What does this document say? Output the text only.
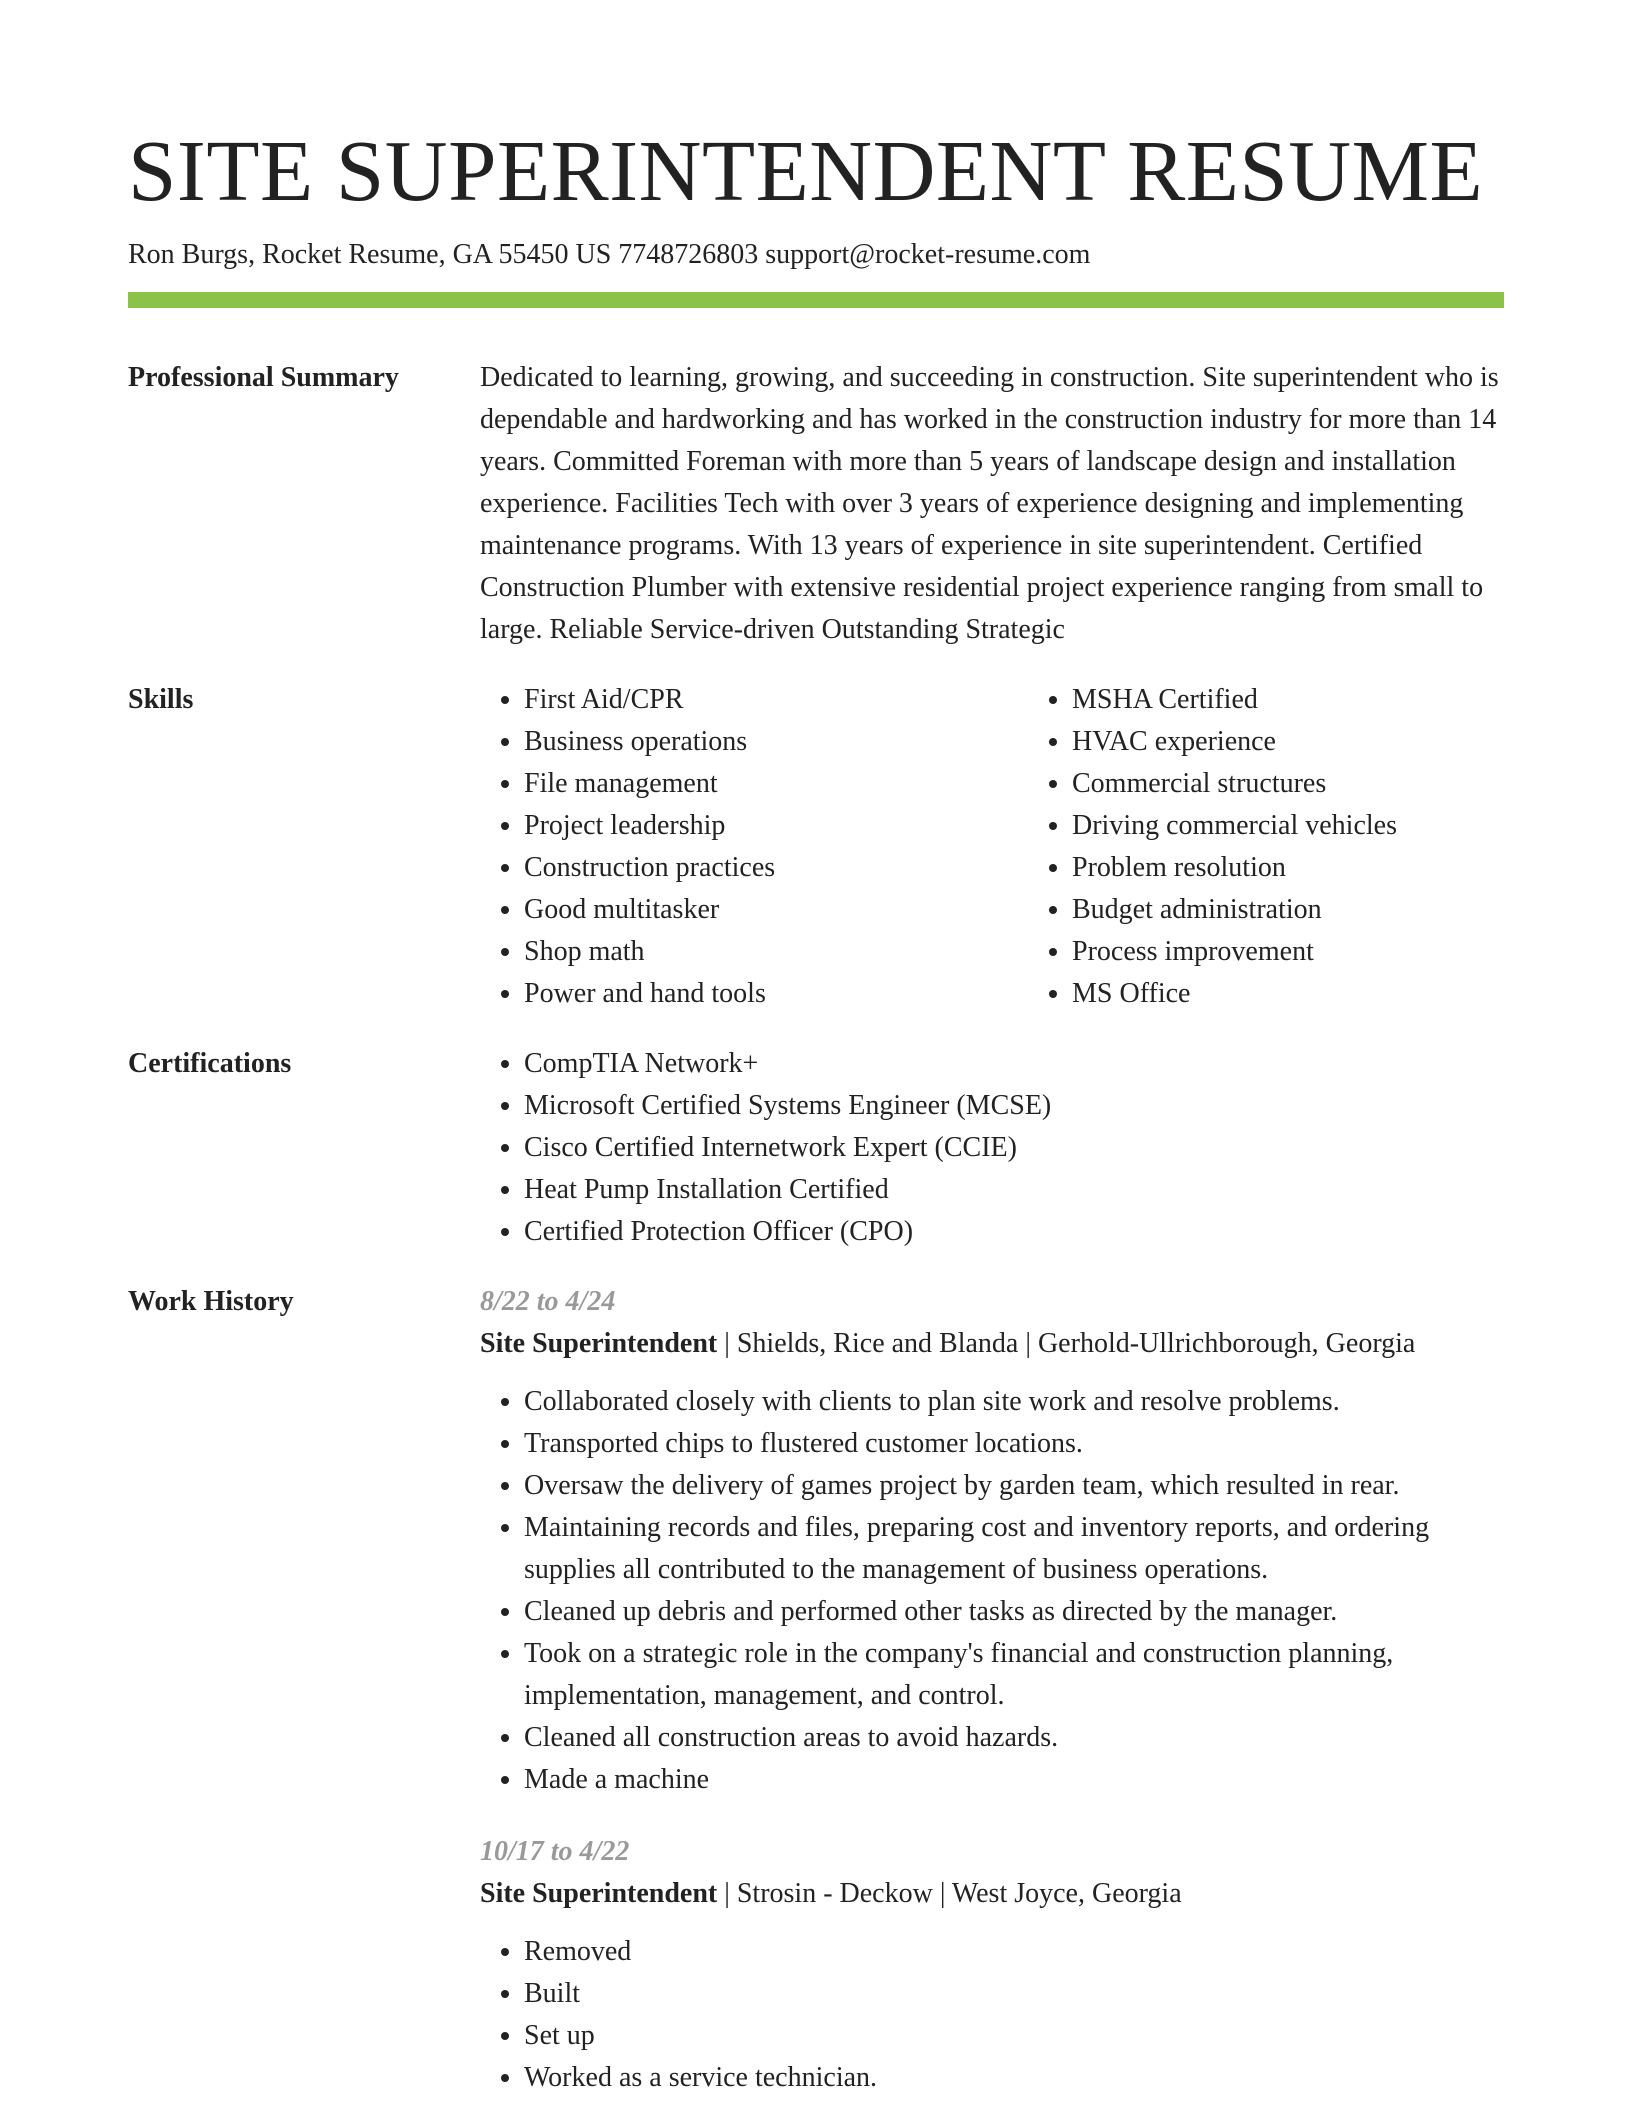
SITE SUPERINTENDENT RESUME
Ron Burgs, Rocket Resume, GA 55450 US 7748726803 support@rocket-resume.com
Professional Summary	Dedicated to learning, growing, and succeeding in construction. Site superintendent who is dependable and hardworking and has worked in the construction industry for more than 14 years. Committed Foreman with more than 5 years of landscape design and installation experience. Facilities Tech with over 3 years of experience designing and implementing maintenance programs. With 13 years of experience in site superintendent. Certified Construction Plumber with extensive residential project experience ranging from small to large. Reliable Service-driven Outstanding Strategic

Skills	• First Aid/CPR
• Business operations
• File management
• Project leadership
• Construction practices
• Good multitasker
• Shop math
• Power and hand tools
• MSHA Certified
• HVAC experience
• Commercial structures
• Driving commercial vehicles
• Problem resolution
• Budget administration
• Process improvement
• MS Office
Certifications	• CompTIA Network+
• Microsoft Certified Systems Engineer (MCSE)
• Cisco Certified Internetwork Expert (CCIE)
• Heat Pump Installation Certified
• Certified Protection Officer (CPO)
Work History	8/22 to 4/24
Site Superintendent | Shields, Rice and Blanda | Gerhold-Ullrichborough, Georgia
• Collaborated closely with clients to plan site work and resolve problems.
• Transported chips to flustered customer locations.
• Oversaw the delivery of games project by garden team, which resulted in rear.
• Maintaining records and files, preparing cost and inventory reports, and ordering supplies all contributed to the management of business operations.
• Cleaned up debris and performed other tasks as directed by the manager.
• Took on a strategic role in the company's financial and construction planning, implementation, management, and control.
• Cleaned all construction areas to avoid hazards.
• Made a machine
10/17 to 4/22
Site Superintendent | Strosin - Deckow | West Joyce, Georgia
• Removed
• Built
• Set up
• Worked as a service technician.
